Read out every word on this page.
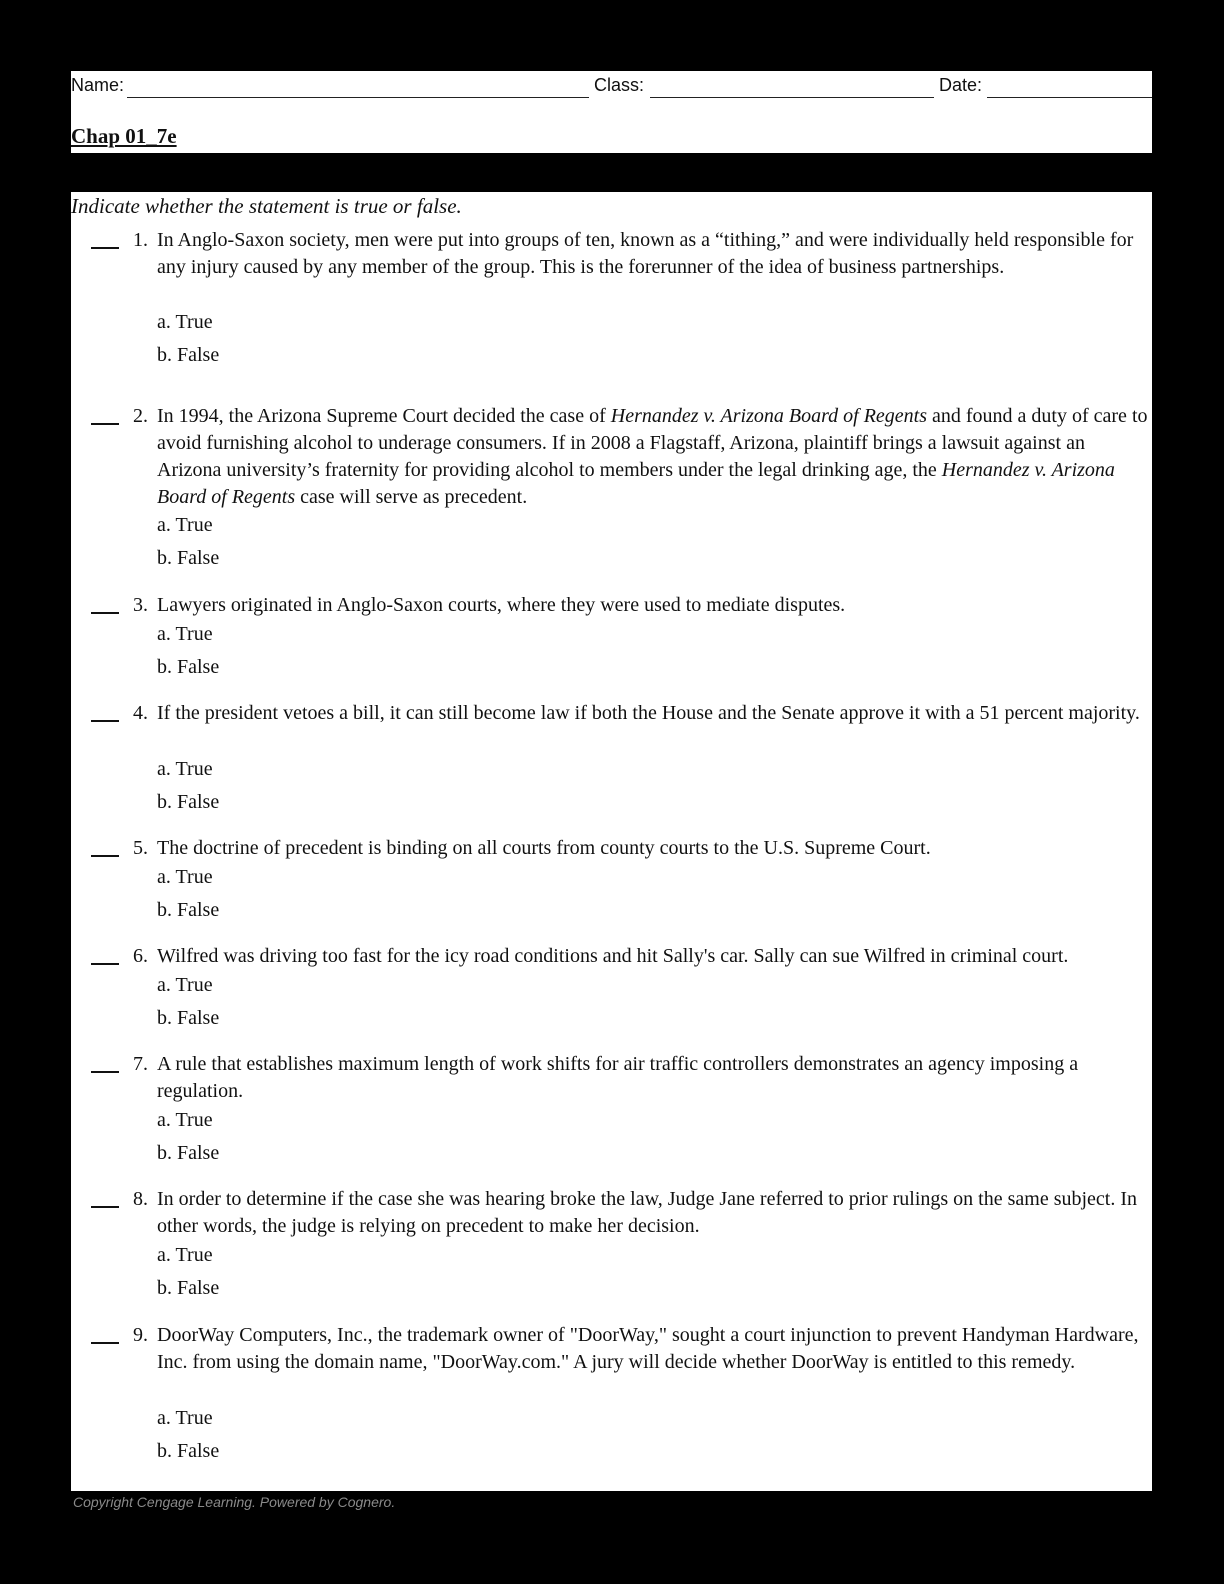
Name:	Class:	Date:
Chap 01_7e
Indicate whether the statement is true or false.
1. In Anglo-Saxon society, men were put into groups of ten, known as a “tithing,” and were individually held responsible for any injury caused by any member of the group. This is the forerunner of the idea of business partnerships.
a. True
b. False
2. In 1994, the Arizona Supreme Court decided the case of Hernandez v. Arizona Board of Regents and found a duty of care to avoid furnishing alcohol to underage consumers. If in 2008 a Flagstaff, Arizona, plaintiff brings a lawsuit against an Arizona university’s fraternity for providing alcohol to members under the legal drinking age, the Hernandez v. Arizona Board of Regents case will serve as precedent.
a. True
b. False
3. Lawyers originated in Anglo-Saxon courts, where they were used to mediate disputes.
a. True
b. False
4. If the president vetoes a bill, it can still become law if both the House and the Senate approve it with a 51 percent majority.
a. True
b. False
5. The doctrine of precedent is binding on all courts from county courts to the U.S. Supreme Court.
a. True
b. False
6. Wilfred was driving too fast for the icy road conditions and hit Sally's car. Sally can sue Wilfred in criminal court.
a. True
b. False
7. A rule that establishes maximum length of work shifts for air traffic controllers demonstrates an agency imposing a regulation.
a. True
b. False
8. In order to determine if the case she was hearing broke the law, Judge Jane referred to prior rulings on the same subject. In other words, the judge is relying on precedent to make her decision.
a. True
b. False
9. DoorWay Computers, Inc., the trademark owner of "DoorWay," sought a court injunction to prevent Handyman Hardware, Inc. from using the domain name, "DoorWay.com." A jury will decide whether DoorWay is entitled to this remedy.
a. True
b. False
Copyright Cengage Learning. Powered by Cognero.
